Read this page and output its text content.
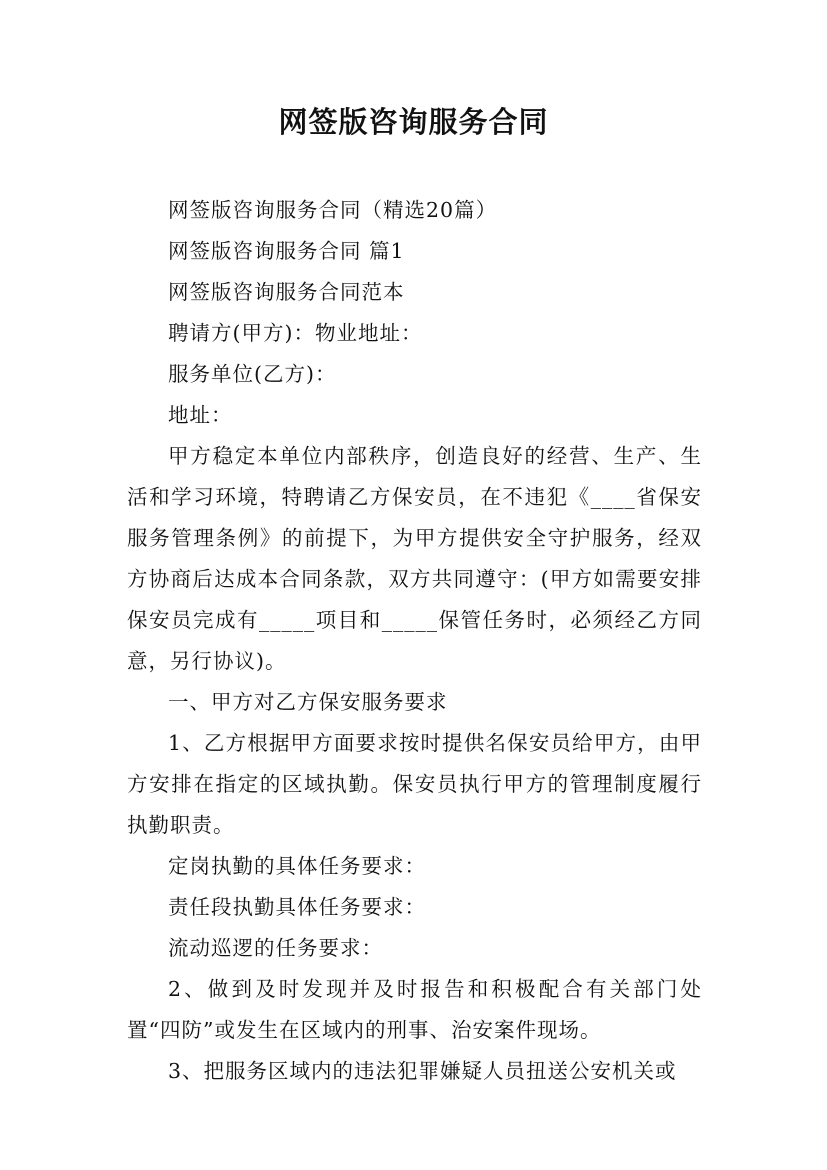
网签版咨询服务合同

网签版咨询服务合同（精选20篇）

网签版咨询服务合同 篇1

网签版咨询服务合同范本

聘请方(甲方)：物业地址：

服务单位(乙方)：

地址：

甲方稳定本单位内部秩序，创造良好的经营、生产、生活和学习环境，特聘请乙方保安员，在不违犯《____省保安服务管理条例》的前提下，为甲方提供安全守护服务，经双方协商后达成本合同条款，双方共同遵守：(甲方如需要安排保安员完成有_____项目和_____保管任务时，必须经乙方同意，另行协议)。

一、甲方对乙方保安服务要求

1、乙方根据甲方面要求按时提供名保安员给甲方，由甲方安排在指定的区域执勤。保安员执行甲方的管理制度履行执勤职责。

定岗执勤的具体任务要求：

责任段执勤具体任务要求：

流动巡逻的任务要求：

2、做到及时发现并及时报告和积极配合有关部门处置“四防”或发生在区域内的刑事、治安案件现场。

3、把服务区域内的违法犯罪嫌疑人员扭送公安机关或
